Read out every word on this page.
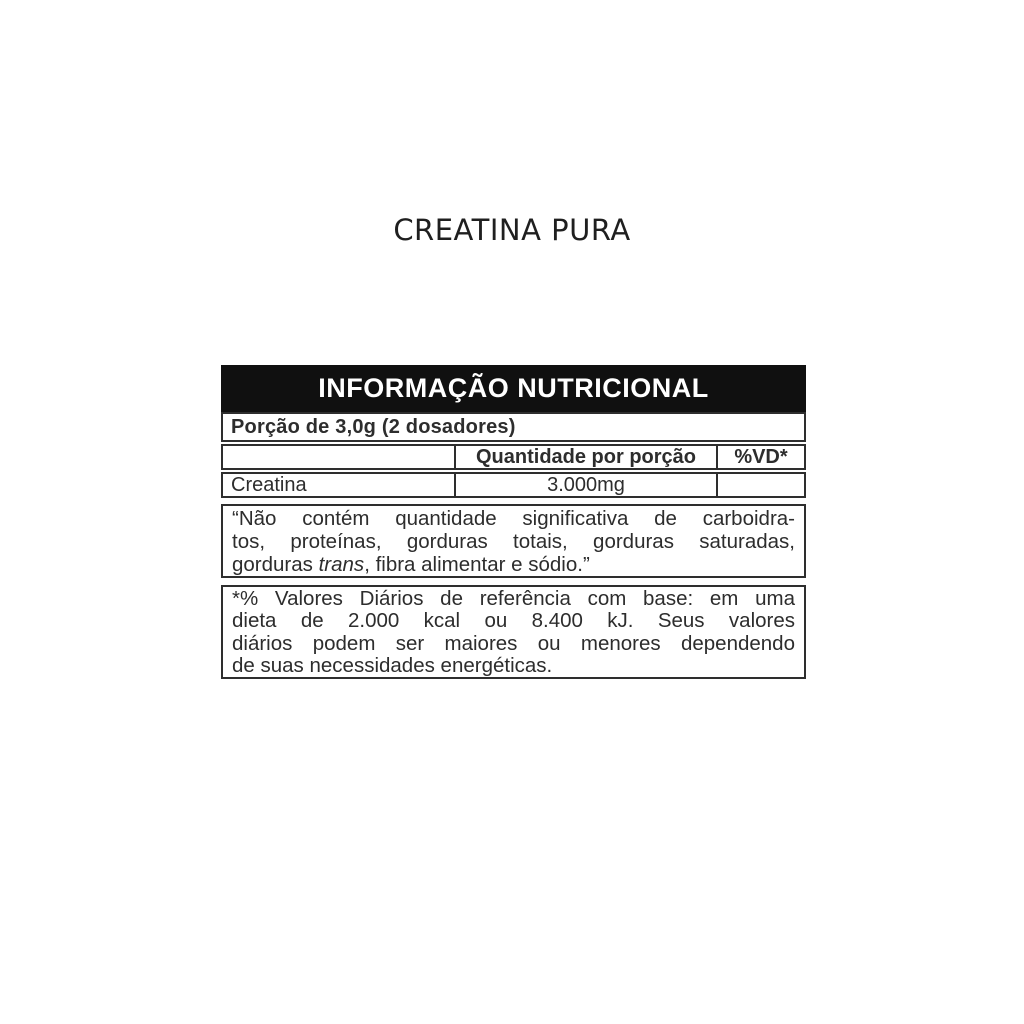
CREATINA PURA
INFORMAÇÃO NUTRICIONAL
Porção de 3,0g (2 dosadores)
Quantidade por porção	%VD*
Creatina	3.000mg
“Não contém quantidade significativa de carboidra-
tos, proteínas, gorduras totais, gorduras saturadas,
gorduras trans, fibra alimentar e sódio.”
*% Valores Diários de referência com base: em uma
dieta de 2.000 kcal ou 8.400 kJ. Seus valores
diários podem ser maiores ou menores dependendo
de suas necessidades energéticas.
